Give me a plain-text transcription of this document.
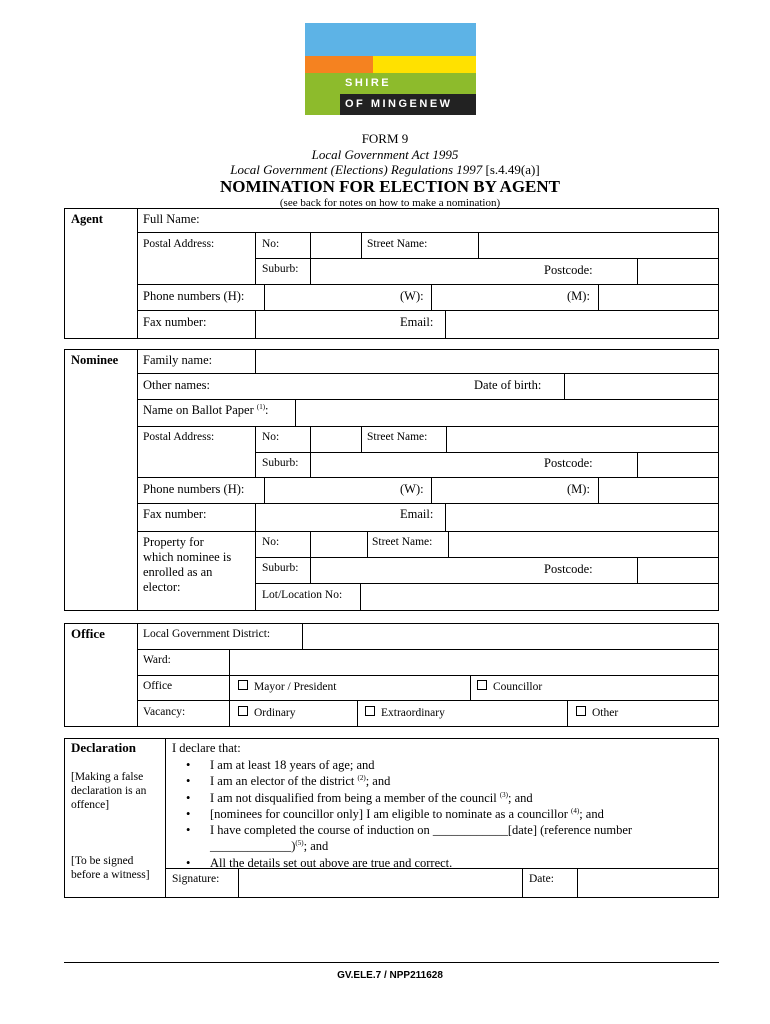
SHIRE
OF MINGENEW
FORM 9
Local Government Act 1995
Local Government (Elections) Regulations 1997 [s.4.49(a)]
NOMINATION FOR ELECTION BY AGENT
(see back for notes on how to make a nomination)
Agent	Full Name:
Postal Address:	No:	Street Name:
Suburb:	Postcode:
Phone numbers (H):	(W):	(M):
Fax number:	Email:
Nominee Family name:
Other names:	Date of birth:
Name on Ballot Paper $^{(1)}$:
Postal Address:	No:	Street Name:
Suburb:	Postcode:
Phone numbers (H):	(W):	(M):
Fax number:	Email:
Property for
which nominee is
enrolled as an
elector:
No:	Street Name:
Suburb:	Postcode:
Lot/Location No:
Office	Local Government District:
Ward:
Office	Mayor / President	Councillor
Vacancy:	Ordinary	Extraordinary	Other
Declaration
[Making a false
declaration is an
offence]
[To be signed
before a witness]
I declare that:
• I am at least 18 years of age; and
• I am an elector of the district $^{(2)}$; and
• I am not disqualified from being a member of the council $^{(3)}$; and
• [nominees for councillor only] I am eligible to nominate as a councillor $^{(4)}$; and
• I have completed the course of induction on ____________[date] (reference number
_____________)$^{(5)}$; and
• All the details set out above are true and correct.
Signature:	Date:
GV.ELE.7 / NPP211628
